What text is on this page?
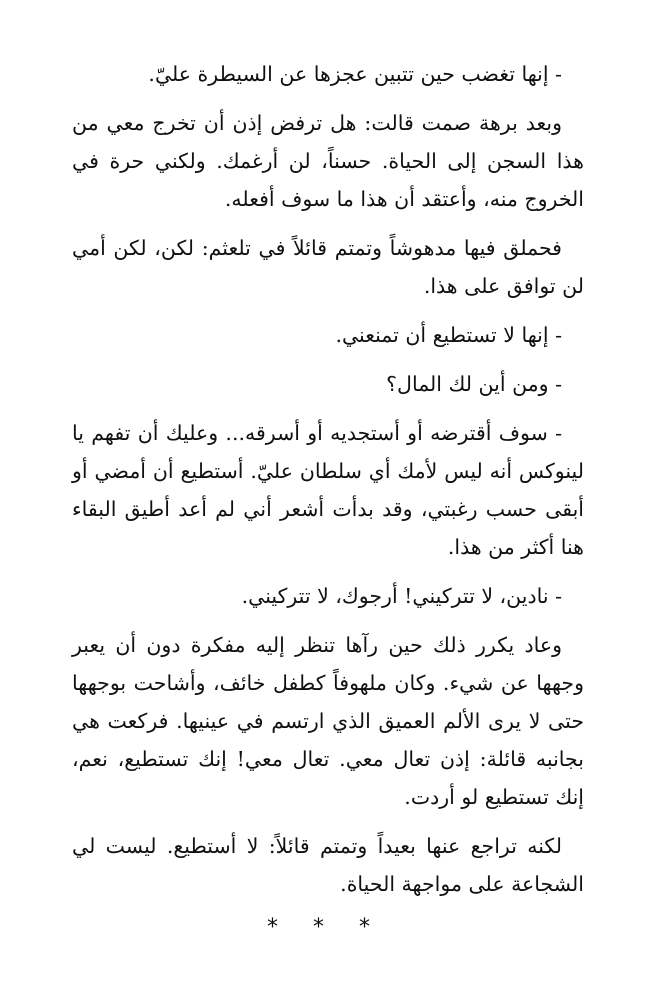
- إنها تغضب حين تتبين عجزها عن السيطرة عليّ.

وبعد برهة صمت قالت: هل ترفض إذن أن تخرج معي من هذا السجن إلى الحياة. حسناً، لن أرغمك. ولكني حرة في الخروج منه، وأعتقد أن هذا ما سوف أفعله.

فحملق فيها مدهوشاً وتمتم قائلاً في تلعثم: لكن، لكن أمي لن توافق على هذا.

- إنها لا تستطيع أن تمنعني.

- ومن أين لك المال؟

- سوف أقترضه أو أستجديه أو أسرقه... وعليك أن تفهم يا لينوكس أنه ليس لأمك أي سلطان عليّ. أستطيع أن أمضي أو أبقى حسب رغبتي، وقد بدأت أشعر أني لم أعد أطيق البقاء هنا أكثر من هذا.

- نادين، لا تتركيني! أرجوك، لا تتركيني.

وعاد يكرر ذلك حين رآها تنظر إليه مفكرة دون أن يعبر وجهها عن شيء. وكان ملهوفاً كطفل خائف، وأشاحت بوجهها حتى لا يرى الألم العميق الذي ارتسم في عينيها. فركعت هي بجانبه قائلة: إذن تعال معي. تعال معي! إنك تستطيع، نعم، إنك تستطيع لو أردت.

لكنه تراجع عنها بعيداً وتمتم قائلاً: لا أستطيع. ليست لي الشجاعة على مواجهة الحياة.

* * *
